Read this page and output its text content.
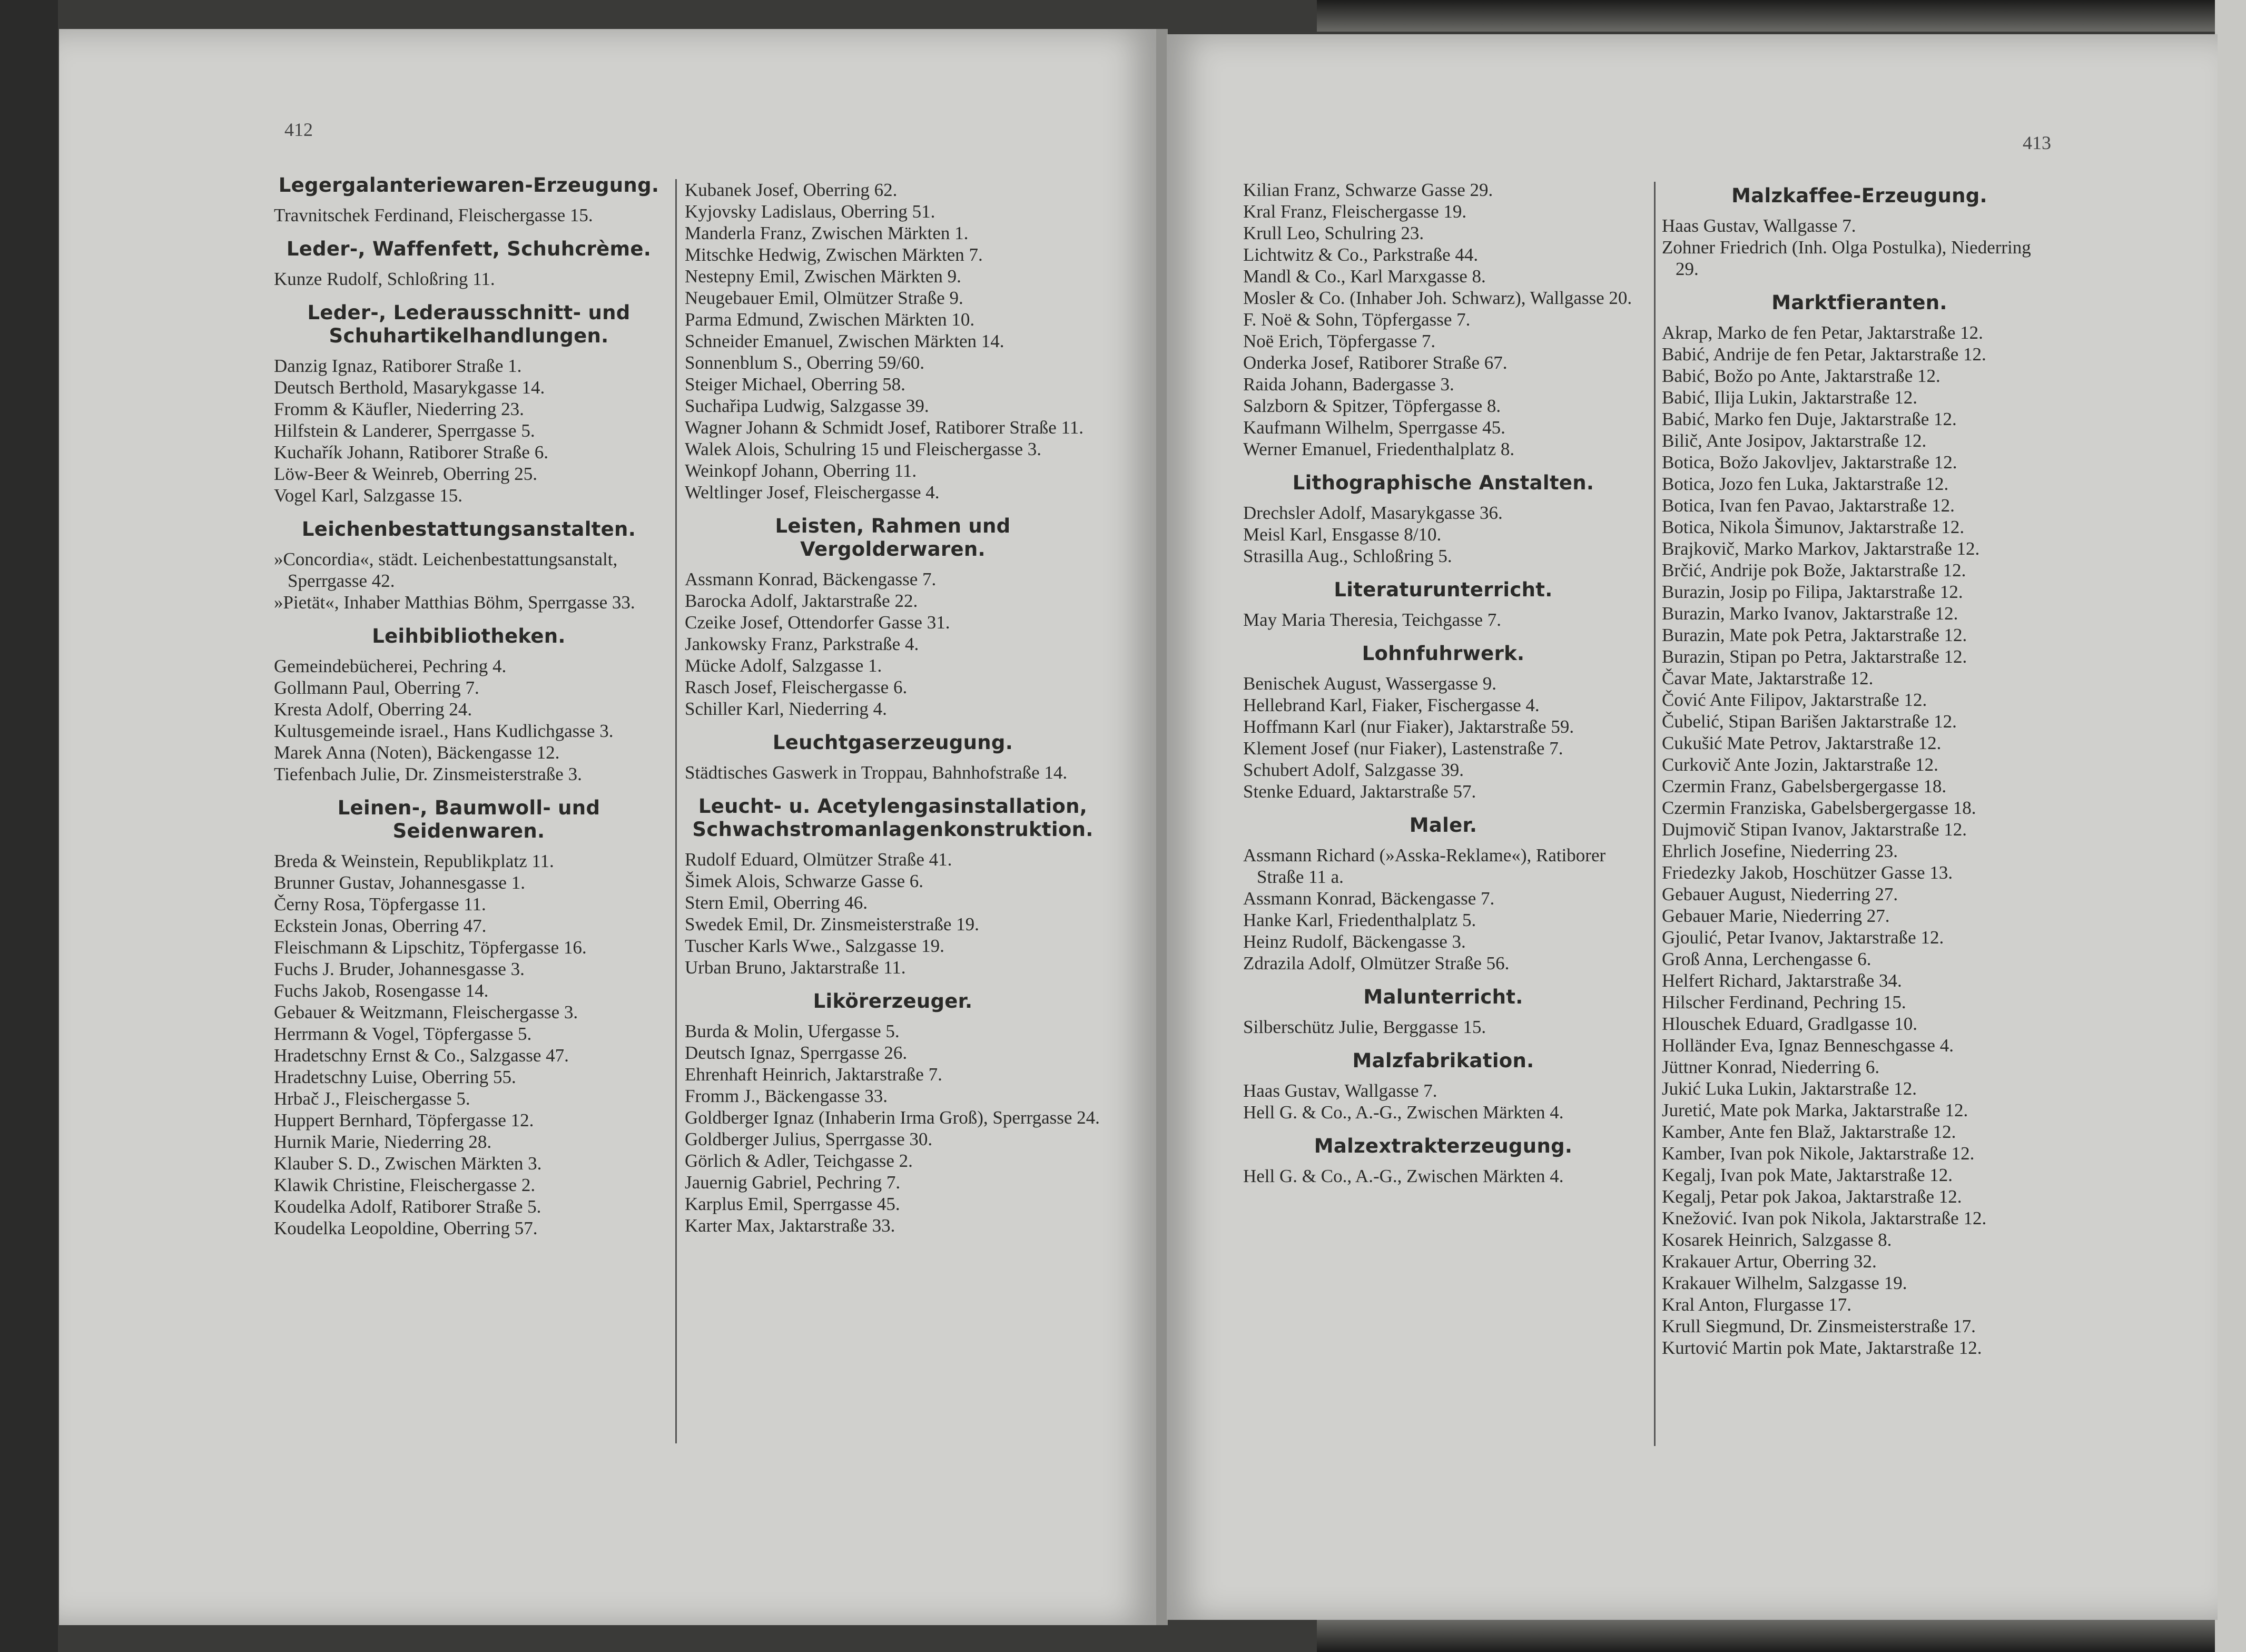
412
413
Legergalanteriewaren-Erzeugung.
Travnitschek Ferdinand, Fleischergasse 15.
Leder-, Waffenfett, Schuhcrème.
Kunze Rudolf, Schloßring 11.
Leder-, Lederausschnitt- und Schuhartikelhandlungen.
Danzig Ignaz, Ratiborer Straße 1.
Deutsch Berthold, Masarykgasse 14.
Fromm & Käufler, Niederring 23.
Hilfstein & Landerer, Sperrgasse 5.
Kuchařík Johann, Ratiborer Straße 6.
Löw-Beer & Weinreb, Oberring 25.
Vogel Karl, Salzgasse 15.
Leichenbestattungsanstalten.
»Concordia«, städt. Leichenbestattungsanstalt, Sperrgasse 42.
»Pietät«, Inhaber Matthias Böhm, Sperrgasse 33.
Leihbibliotheken.
Gemeindebücherei, Pechring 4.
Gollmann Paul, Oberring 7.
Kresta Adolf, Oberring 24.
Kultusgemeinde israel., Hans Kudlichgasse 3.
Marek Anna (Noten), Bäckengasse 12.
Tiefenbach Julie, Dr. Zinsmeisterstraße 3.
Leinen-, Baumwoll- und Seidenwaren.
Breda & Weinstein, Republikplatz 11.
Brunner Gustav, Johannesgasse 1.
Černy Rosa, Töpfergasse 11.
Eckstein Jonas, Oberring 47.
Fleischmann & Lipschitz, Töpfergasse 16.
Fuchs J. Bruder, Johannesgasse 3.
Fuchs Jakob, Rosengasse 14.
Gebauer & Weitzmann, Fleischergasse 3.
Herrmann & Vogel, Töpfergasse 5.
Hradetschny Ernst & Co., Salzgasse 47.
Hradetschny Luise, Oberring 55.
Hrbač J., Fleischergasse 5.
Huppert Bernhard, Töpfergasse 12.
Hurnik Marie, Niederring 28.
Klauber S. D., Zwischen Märkten 3.
Klawik Christine, Fleischergasse 2.
Koudelka Adolf, Ratiborer Straße 5.
Koudelka Leopoldine, Oberring 57.
Kubanek Josef, Oberring 62.
Kyjovsky Ladislaus, Oberring 51.
Manderla Franz, Zwischen Märkten 1.
Mitschke Hedwig, Zwischen Märkten 7.
Nestepny Emil, Zwischen Märkten 9.
Neugebauer Emil, Olmützer Straße 9.
Parma Edmund, Zwischen Märkten 10.
Schneider Emanuel, Zwischen Märkten 14.
Sonnenblum S., Oberring 59/60.
Steiger Michael, Oberring 58.
Suchařipa Ludwig, Salzgasse 39.
Wagner Johann & Schmidt Josef, Ratiborer Straße 11.
Walek Alois, Schulring 15 und Fleischergasse 3.
Weinkopf Johann, Oberring 11.
Weltlinger Josef, Fleischergasse 4.
Leisten, Rahmen und Vergolderwaren.
Assmann Konrad, Bäckengasse 7.
Barocka Adolf, Jaktarstraße 22.
Czeike Josef, Ottendorfer Gasse 31.
Jankowsky Franz, Parkstraße 4.
Mücke Adolf, Salzgasse 1.
Rasch Josef, Fleischergasse 6.
Schiller Karl, Niederring 4.
Leuchtgaserzeugung.
Städtisches Gaswerk in Troppau, Bahnhofstraße 14.
Leucht- u. Acetylengasinstallation, Schwachstromanlagenkonstruktion.
Rudolf Eduard, Olmützer Straße 41.
Šimek Alois, Schwarze Gasse 6.
Stern Emil, Oberring 46.
Swedek Emil, Dr. Zinsmeisterstraße 19.
Tuscher Karls Wwe., Salzgasse 19.
Urban Bruno, Jaktarstraße 11.
Likörerzeuger.
Burda & Molin, Ufergasse 5.
Deutsch Ignaz, Sperrgasse 26.
Ehrenhaft Heinrich, Jaktarstraße 7.
Fromm J., Bäckengasse 33.
Goldberger Ignaz (Inhaberin Irma Groß), Sperrgasse 24.
Goldberger Julius, Sperrgasse 30.
Görlich & Adler, Teichgasse 2.
Jauernig Gabriel, Pechring 7.
Karplus Emil, Sperrgasse 45.
Karter Max, Jaktarstraße 33.
Kilian Franz, Schwarze Gasse 29.
Kral Franz, Fleischergasse 19.
Krull Leo, Schulring 23.
Lichtwitz & Co., Parkstraße 44.
Mandl & Co., Karl Marxgasse 8.
Mosler & Co. (Inhaber Joh. Schwarz), Wallgasse 20.
F. Noë & Sohn, Töpfergasse 7.
Noë Erich, Töpfergasse 7.
Onderka Josef, Ratiborer Straße 67.
Raida Johann, Badergasse 3.
Salzborn & Spitzer, Töpfergasse 8.
Kaufmann Wilhelm, Sperrgasse 45.
Werner Emanuel, Friedenthalplatz 8.
Lithographische Anstalten.
Drechsler Adolf, Masarykgasse 36.
Meisl Karl, Ensgasse 8/10.
Strasilla Aug., Schloßring 5.
Literaturunterricht.
May Maria Theresia, Teichgasse 7.
Lohnfuhrwerk.
Benischek August, Wassergasse 9.
Hellebrand Karl, Fiaker, Fischergasse 4.
Hoffmann Karl (nur Fiaker), Jaktarstraße 59.
Klement Josef (nur Fiaker), Lastenstraße 7.
Schubert Adolf, Salzgasse 39.
Stenke Eduard, Jaktarstraße 57.
Maler.
Assmann Richard (»Asska-Reklame«), Ratiborer Straße 11 a.
Assmann Konrad, Bäckengasse 7.
Hanke Karl, Friedenthalplatz 5.
Heinz Rudolf, Bäckengasse 3.
Zdrazila Adolf, Olmützer Straße 56.
Malunterricht.
Silberschütz Julie, Berggasse 15.
Malzfabrikation.
Haas Gustav, Wallgasse 7.
Hell G. & Co., A.-G., Zwischen Märkten 4.
Malzextrakterzeugung.
Hell G. & Co., A.-G., Zwischen Märkten 4.
Malzkaffee-Erzeugung.
Haas Gustav, Wallgasse 7.
Zohner Friedrich (Inh. Olga Postulka), Niederring 29.
Marktfieranten.
Akrap, Marko de fen Petar, Jaktarstraße 12.
Babić, Andrije de fen Petar, Jaktarstraße 12.
Babić, Božo po Ante, Jaktarstraße 12.
Babić, Ilija Lukin, Jaktarstraße 12.
Babić, Marko fen Duje, Jaktarstraße 12.
Bilič, Ante Josipov, Jaktarstraße 12.
Botica, Božo Jakovljev, Jaktarstraße 12.
Botica, Jozo fen Luka, Jaktarstraße 12.
Botica, Ivan fen Pavao, Jaktarstraße 12.
Botica, Nikola Šimunov, Jaktarstraße 12.
Brajkovič, Marko Markov, Jaktarstraße 12.
Brčić, Andrije pok Bože, Jaktarstraße 12.
Burazin, Josip po Filipa, Jaktarstraße 12.
Burazin, Marko Ivanov, Jaktarstraße 12.
Burazin, Mate pok Petra, Jaktarstraße 12.
Burazin, Stipan po Petra, Jaktarstraße 12.
Čavar Mate, Jaktarstraße 12.
Čović Ante Filipov, Jaktarstraße 12.
Čubelić, Stipan Barišen Jaktarstraße 12.
Cukušić Mate Petrov, Jaktarstraße 12.
Curkovič Ante Jozin, Jaktarstraße 12.
Czermin Franz, Gabelsbergergasse 18.
Czermin Franziska, Gabelsbergergasse 18.
Dujmovič Stipan Ivanov, Jaktarstraße 12.
Ehrlich Josefine, Niederring 23.
Friedezky Jakob, Hoschützer Gasse 13.
Gebauer August, Niederring 27.
Gebauer Marie, Niederring 27.
Gjoulić, Petar Ivanov, Jaktarstraße 12.
Groß Anna, Lerchengasse 6.
Helfert Richard, Jaktarstraße 34.
Hilscher Ferdinand, Pechring 15.
Hlouschek Eduard, Gradlgasse 10.
Holländer Eva, Ignaz Benneschgasse 4.
Jüttner Konrad, Niederring 6.
Jukić Luka Lukin, Jaktarstraße 12.
Juretić, Mate pok Marka, Jaktarstraße 12.
Kamber, Ante fen Blaž, Jaktarstraße 12.
Kamber, Ivan pok Nikole, Jaktarstraße 12.
Kegalj, Ivan pok Mate, Jaktarstraße 12.
Kegalj, Petar pok Jakoa, Jaktarstraße 12.
Knežović. Ivan pok Nikola, Jaktarstraße 12.
Kosarek Heinrich, Salzgasse 8.
Krakauer Artur, Oberring 32.
Krakauer Wilhelm, Salzgasse 19.
Kral Anton, Flurgasse 17.
Krull Siegmund, Dr. Zinsmeisterstraße 17.
Kurtović Martin pok Mate, Jaktarstraße 12.
